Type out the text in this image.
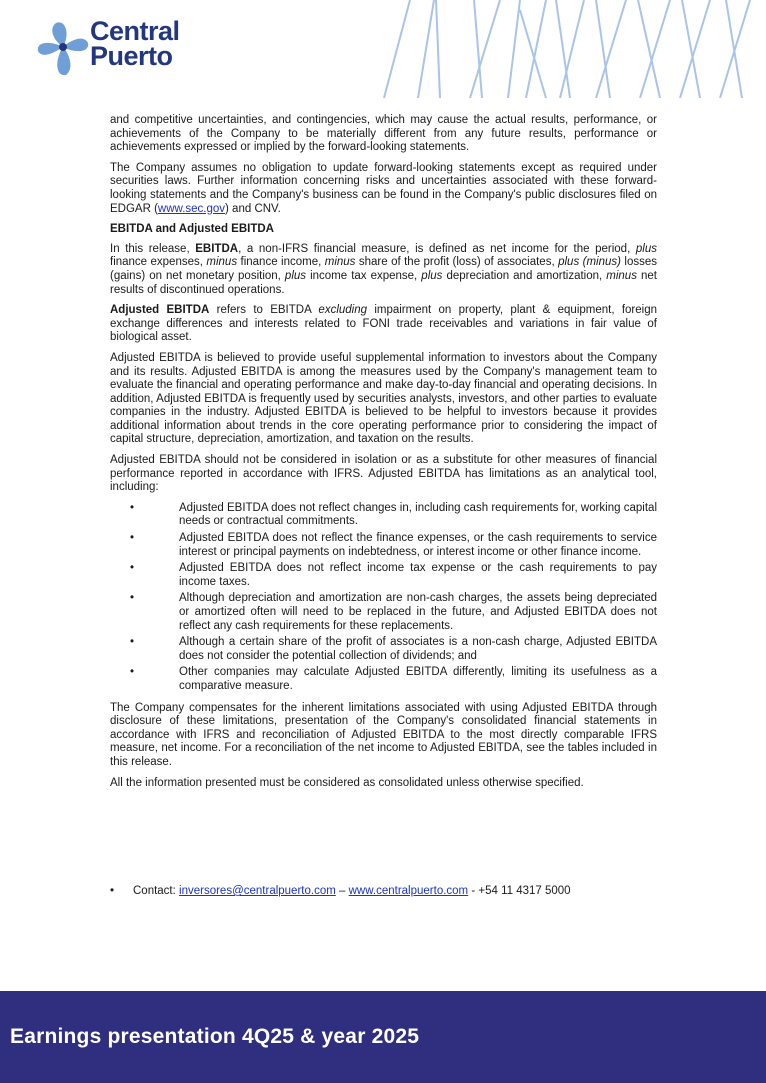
Central
Puerto

and competitive uncertainties, and contingencies, which may cause the actual results, performance, or achievements of the Company to be materially different from any future results, performance or achievements expressed or implied by the forward-looking statements.

The Company assumes no obligation to update forward-looking statements except as required under securities laws. Further information concerning risks and uncertainties associated with these forward-looking statements and the Company's business can be found in the Company's public disclosures filed on EDGAR (www.sec.gov) and CNV.

EBITDA and Adjusted EBITDA

In this release, EBITDA, a non-IFRS financial measure, is defined as net income for the period, plus finance expenses, minus finance income, minus share of the profit (loss) of associates, plus (minus) losses (gains) on net monetary position, plus income tax expense, plus depreciation and amortization, minus net results of discontinued operations.

Adjusted EBITDA refers to EBITDA excluding impairment on property, plant & equipment, foreign exchange differences and interests related to FONI trade receivables and variations in fair value of biological asset.

Adjusted EBITDA is believed to provide useful supplemental information to investors about the Company and its results. Adjusted EBITDA is among the measures used by the Company's management team to evaluate the financial and operating performance and make day-to-day financial and operating decisions. In addition, Adjusted EBITDA is frequently used by securities analysts, investors, and other parties to evaluate companies in the industry. Adjusted EBITDA is believed to be helpful to investors because it provides additional information about trends in the core operating performance prior to considering the impact of capital structure, depreciation, amortization, and taxation on the results.

Adjusted EBITDA should not be considered in isolation or as a substitute for other measures of financial performance reported in accordance with IFRS. Adjusted EBITDA has limitations as an analytical tool, including:

•	Adjusted EBITDA does not reflect changes in, including cash requirements for, working capital needs or contractual commitments.
•	Adjusted EBITDA does not reflect the finance expenses, or the cash requirements to service interest or principal payments on indebtedness, or interest income or other finance income.
•	Adjusted EBITDA does not reflect income tax expense or the cash requirements to pay income taxes.
•	Although depreciation and amortization are non-cash charges, the assets being depreciated or amortized often will need to be replaced in the future, and Adjusted EBITDA does not reflect any cash requirements for these replacements.
•	Although a certain share of the profit of associates is a non-cash charge, Adjusted EBITDA does not consider the potential collection of dividends; and
•	Other companies may calculate Adjusted EBITDA differently, limiting its usefulness as a comparative measure.

The Company compensates for the inherent limitations associated with using Adjusted EBITDA through disclosure of these limitations, presentation of the Company's consolidated financial statements in accordance with IFRS and reconciliation of Adjusted EBITDA to the most directly comparable IFRS measure, net income. For a reconciliation of the net income to Adjusted EBITDA, see the tables included in this release.

All the information presented must be considered as consolidated unless otherwise specified.

• Contact: inversores@centralpuerto.com – www.centralpuerto.com - +54 11 4317 5000
Earnings presentation 4Q25 & year 2025
